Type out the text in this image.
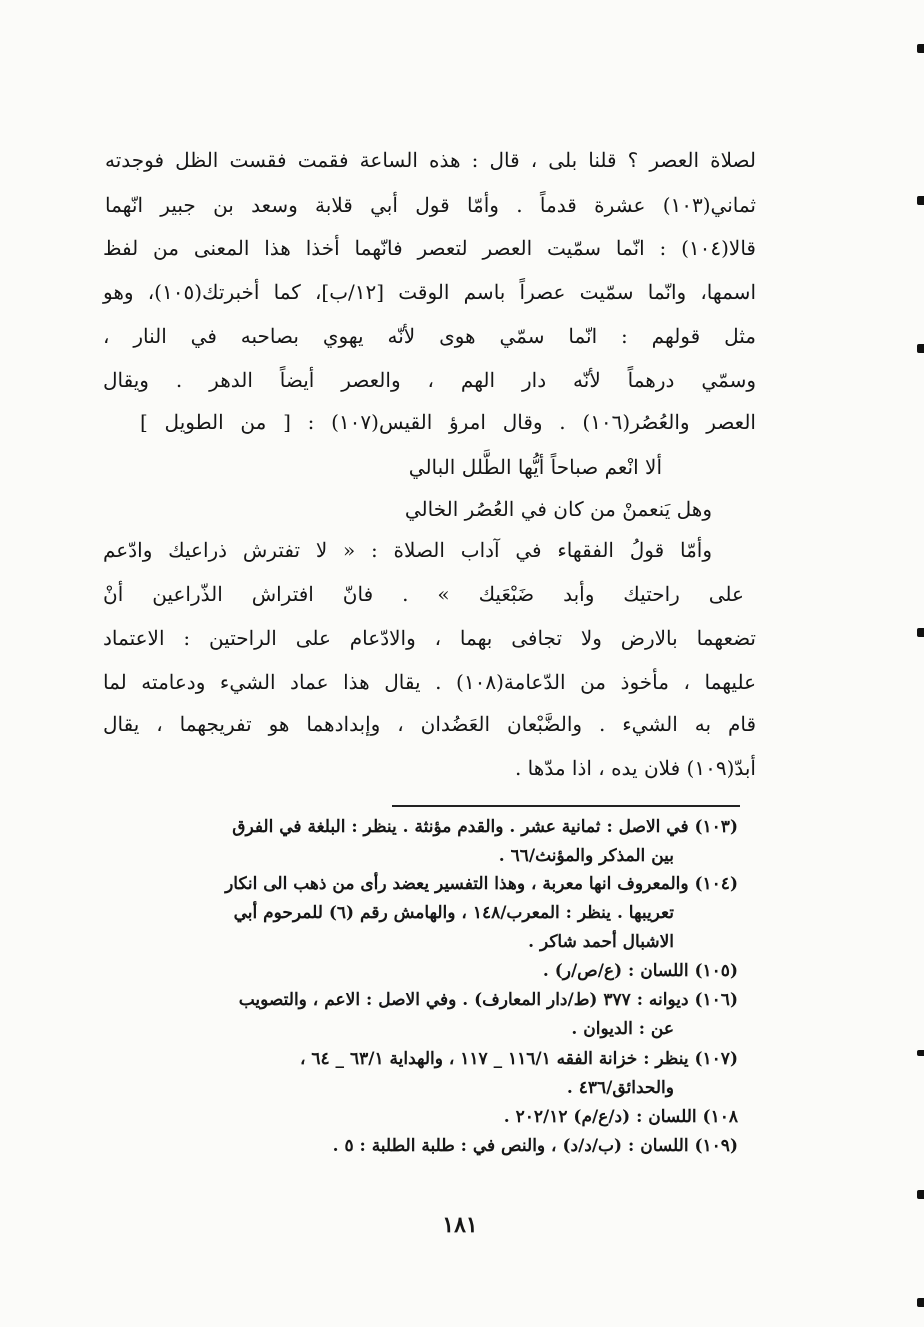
لصلاة العصر ؟ قلنا بلى ، قال : هذه الساعة فقمت فقست الظل فوجدته
ثماني(١٠٣) عشرة قدماً . وأمّا قول أبي قلابة وسعد بن جبير انّهما
قالا(١٠٤) : انّما سمّيت العصر لتعصر فانّهما أخذا هذا المعنى من لفظ
اسمها، وانّما سمّيت عصراً باسم الوقت [١٢/ب]، كما أخبرتك(١٠٥)، وهو
مثل قولهم : انّما سمّي هوى لأنّه يهوي بصاحبه في النار ،
وسمّي درهماً لأنّه دار الهم ، والعصر أيضاً الدهر . ويقال
العصر والعُصُر(١٠٦) . وقال امرؤ القيس(١٠٧) : [ من الطويل ]
ألا انْعم صباحاً أيُّها الطَّلل البالي
وهل يَنعمنْ من كان في العُصُر الخالي
وأمّا قولُ الفقهاء في آداب الصلاة : « لا تفترش ذراعيك وادّعم
على راحتيك وأبد ضَبْعَيك » . فانّ افتراش الذّراعين أنْ
تضعهما بالارض ولا تجافى بهما ، والادّعام على الراحتين : الاعتماد
عليهما ، مأخوذ من الدّعامة(١٠٨) . يقال هذا عماد الشيء ودعامته لما
قام به الشيء . والضَّبْعان العَضُدان ، وإبدادهما هو تفريجهما ، يقال
أبدّ(١٠٩) فلان يده ، اذا مدّها .
(١٠٣) في الاصل : ثمانية عشر . والقدم مؤنثة . ينظر : البلغة في الفرق
بين المذكر والمؤنث/٦٦ .
(١٠٤) والمعروف انها معربة ، وهذا التفسير يعضد رأى من ذهب الى انكار
تعريبها . ينظر : المعرب/١٤٨ ، والهامش رقم (٦) للمرحوم أبي
الاشبال أحمد شاكر .
(١٠٥) اللسان : (ع/ص/ر) .
(١٠٦) ديوانه : ٣٧٧ (ط/دار المعارف) . وفي الاصل : الاعم ، والتصويب
عن : الديوان .
(١٠٧) ينظر : خزانة الفقه ١١٦/١ _ ١١٧ ، والهداية ٦٣/١ _ ٦٤ ،
والحدائق/٤٣٦ .
١٠٨) اللسان : (د/ع/م) ٢٠٢/١٢ .
(١٠٩) اللسان : (ب/د/د) ، والنص في : طلبة الطلبة : ٥ .
١٨١
